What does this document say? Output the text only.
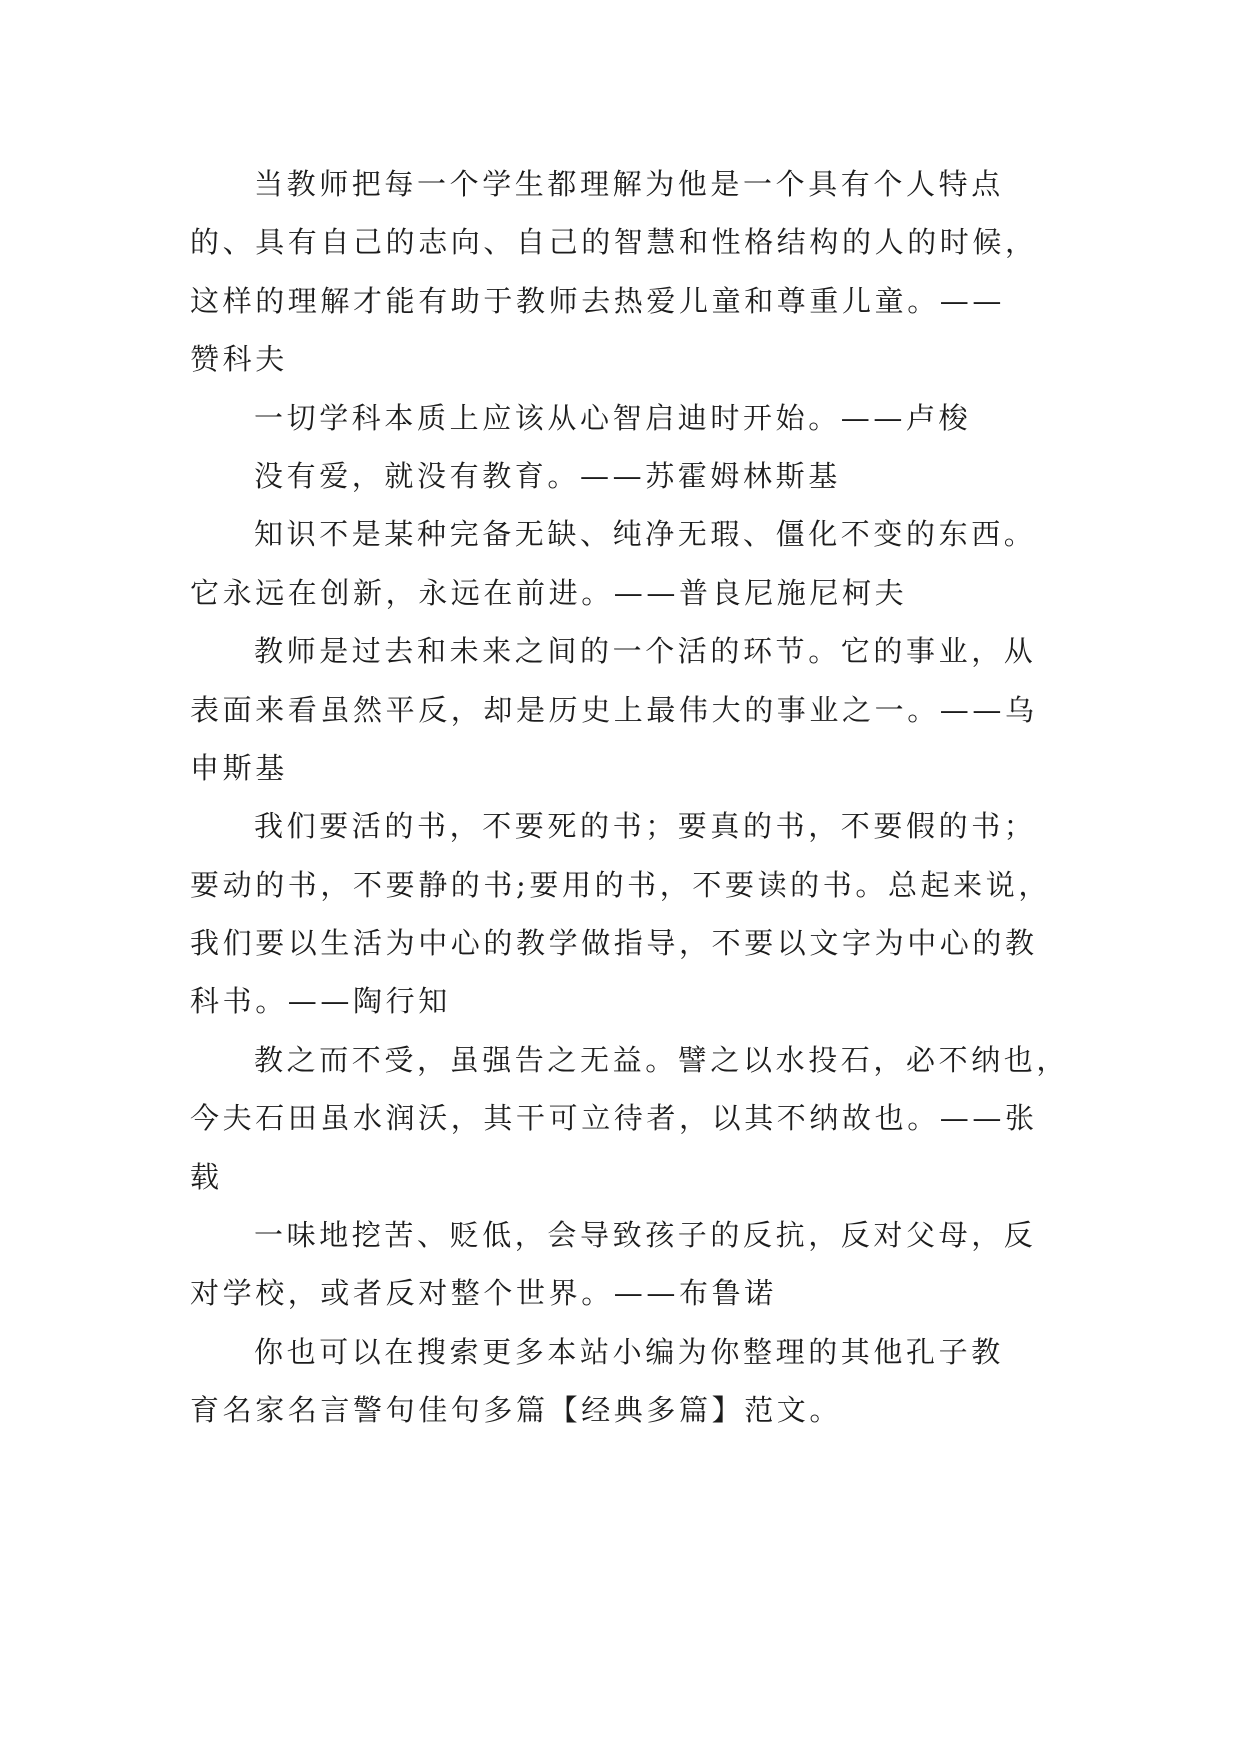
当教师把每一个学生都理解为他是一个具有个人特点
的、具有自己的志向、自己的智慧和性格结构的人的时候，
这样的理解才能有助于教师去热爱儿童和尊重儿童。——
赞科夫
一切学科本质上应该从心智启迪时开始。——卢梭
没有爱，就没有教育。——苏霍姆林斯基
知识不是某种完备无缺、纯净无瑕、僵化不变的东西。
它永远在创新，永远在前进。——普良尼施尼柯夫
教师是过去和未来之间的一个活的环节。它的事业，从
表面来看虽然平反，却是历史上最伟大的事业之一。——乌
申斯基
我们要活的书，不要死的书；要真的书，不要假的书；
要动的书，不要静的书;要用的书，不要读的书。总起来说，
我们要以生活为中心的教学做指导，不要以文字为中心的教
科书。——陶行知
教之而不受，虽强告之无益。譬之以水投石，必不纳也，
今夫石田虽水润沃，其干可立待者，以其不纳故也。——张
载
一味地挖苦、贬低，会导致孩子的反抗，反对父母，反
对学校，或者反对整个世界。——布鲁诺
你也可以在搜索更多本站小编为你整理的其他孔子教
育名家名言警句佳句多篇【经典多篇】范文。
